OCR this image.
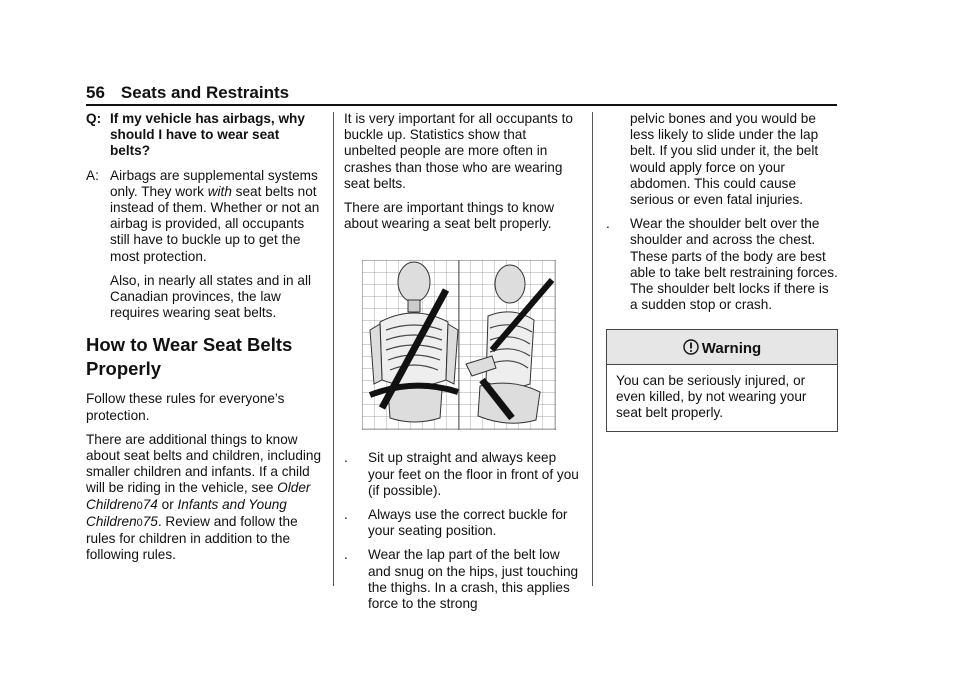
56 Seats and Restraints
Q: If my vehicle has airbags, why should I have to wear seat belts?
A: Airbags are supplemental systems only. They work with seat belts not instead of them. Whether or not an airbag is provided, all occupants still have to buckle up to get the most protection.

Also, in nearly all states and in all Canadian provinces, the law requires wearing seat belts.

How to Wear Seat Belts Properly

Follow these rules for everyone’s protection.

There are additional things to know about seat belts and children, including smaller children and infants. If a child will be riding in the vehicle, see Older Children074 or Infants and Young Children075. Review and follow the rules for children in addition to the following rules.

It is very important for all occupants to buckle up. Statistics show that unbelted people are more often in crashes than those who are wearing seat belts.

There are important things to know about wearing a seat belt properly.

.	Sit up straight and always keep your feet on the floor in front of you (if possible).
.	Always use the correct buckle for your seating position.
.	Wear the lap part of the belt low and snug on the hips, just touching the thighs. In a crash, this applies force to the strong

pelvic bones and you would be less likely to slide under the lap belt. If you slid under it, the belt would apply force on your abdomen. This could cause serious or even fatal injuries.

.	Wear the shoulder belt over the shoulder and across the chest. These parts of the body are best able to take belt restraining forces. The shoulder belt locks if there is a sudden stop or crash.
Warning
You can be seriously injured, or even killed, by not wearing your seat belt properly.
